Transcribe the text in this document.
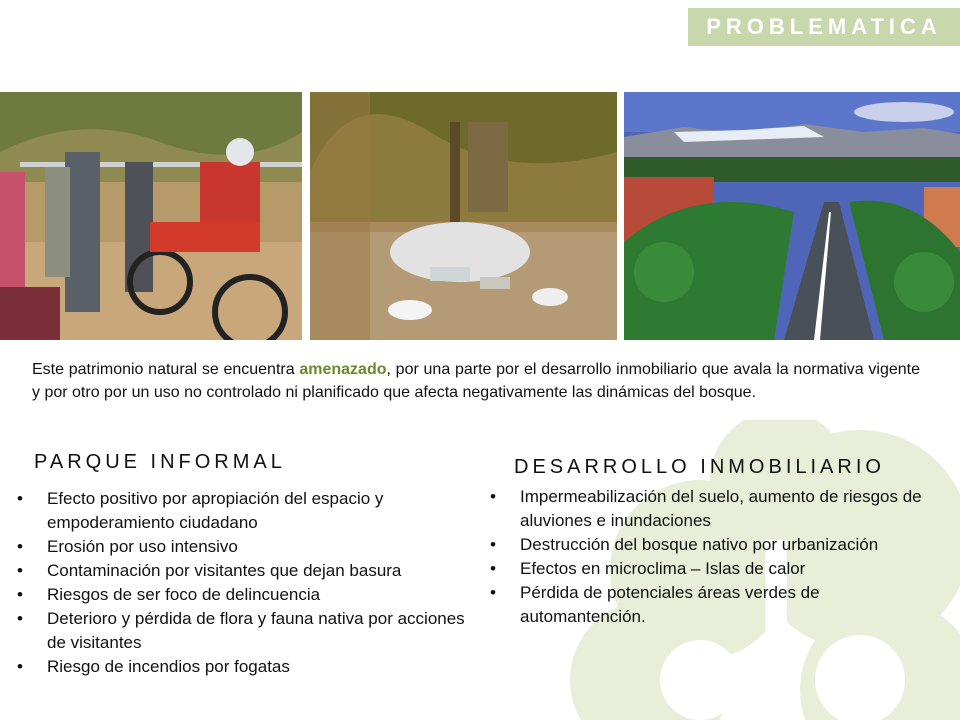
PROBLEMATICA
Este patrimonio natural se encuentra amenazado, por una parte por el desarrollo inmobiliario que avala la normativa vigente y por otro por un uso no controlado ni planificado que afecta negativamente las dinámicas del bosque.
PARQUE INFORMAL
• Efecto positivo por apropiación del espacio y empoderamiento ciudadano
• Erosión por uso intensivo
• Contaminación por visitantes que dejan basura
• Riesgos de ser foco de delincuencia
• Deterioro y pérdida de flora y fauna nativa por acciones de visitantes
• Riesgo de incendios por fogatas
DESARROLLO INMOBILIARIO
• Impermeabilización del suelo, aumento de riesgos de aluviones e inundaciones
• Destrucción del bosque nativo por urbanización
• Efectos en microclima – Islas de calor
• Pérdida de potenciales áreas verdes de automantención.
